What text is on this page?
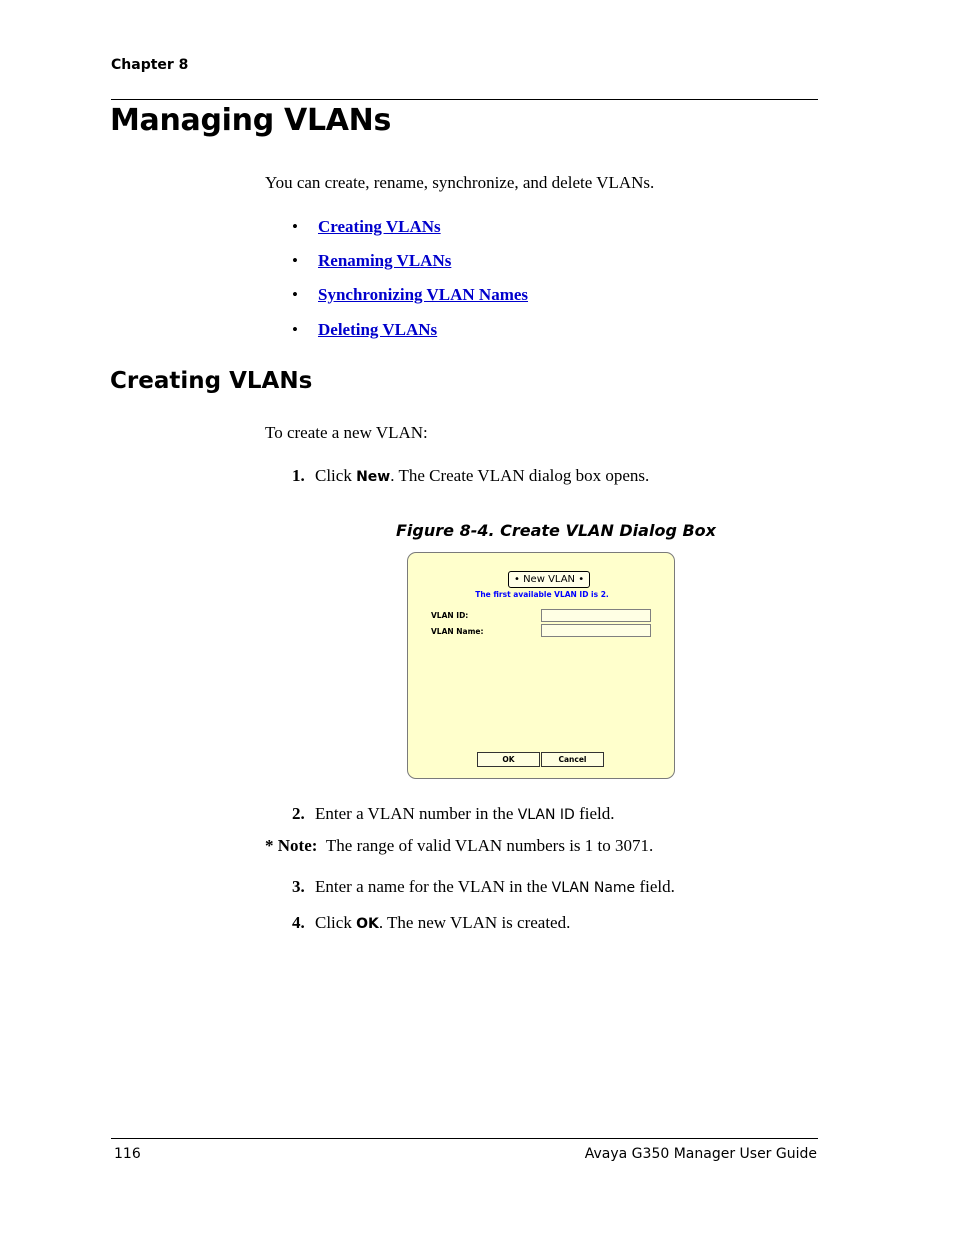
Chapter 8
Managing VLANs
You can create, rename, synchronize, and delete VLANs.
• Creating VLANs
• Renaming VLANs
• Synchronizing VLAN Names
• Deleting VLANs
Creating VLANs
To create a new VLAN:
1. Click New. The Create VLAN dialog box opens.
Figure 8-4. Create VLAN Dialog Box
• New VLAN •
The first available VLAN ID is 2.
VLAN ID:
VLAN Name:
OK	Cancel
2. Enter a VLAN number in the VLAN ID field.
* Note: The range of valid VLAN numbers is 1 to 3071.
3. Enter a name for the VLAN in the VLAN Name field.
4. Click OK. The new VLAN is created.
116	Avaya G350 Manager User Guide
